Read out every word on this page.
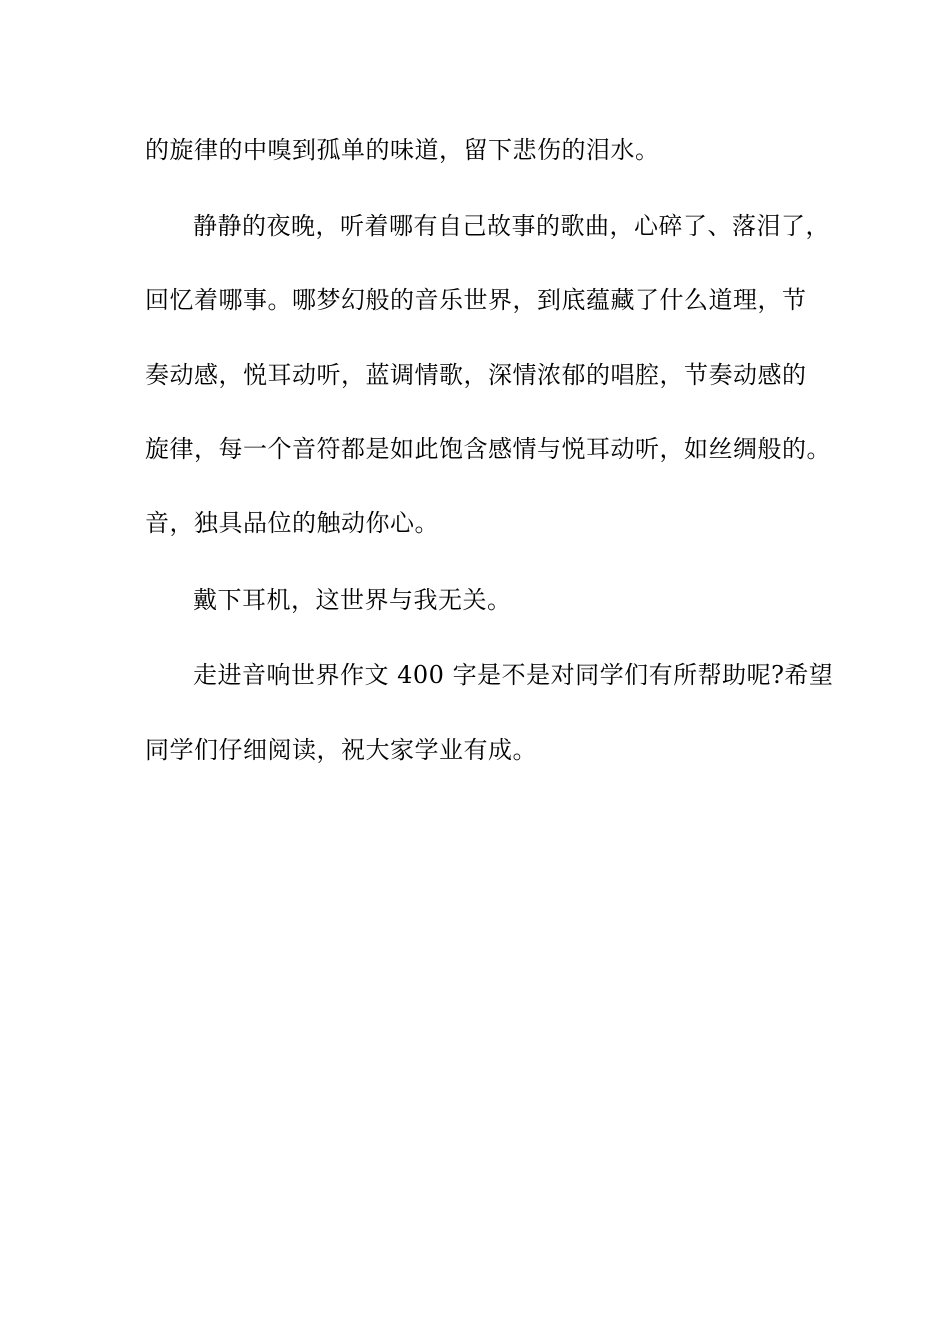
的旋律的中嗅到孤单的味道，留下悲伤的泪水。
静静的夜晚，听着哪有自己故事的歌曲，心碎了、落泪了，
回忆着哪事。哪梦幻般的音乐世界，到底蕴藏了什么道理，节
奏动感，悦耳动听，蓝调情歌，深情浓郁的唱腔，节奏动感的
旋律，每一个音符都是如此饱含感情与悦耳动听，如丝绸般的。
音，独具品位的触动你心。
戴下耳机，这世界与我无关。
走进音响世界作文 400 字是不是对同学们有所帮助呢?希望
同学们仔细阅读，祝大家学业有成。
